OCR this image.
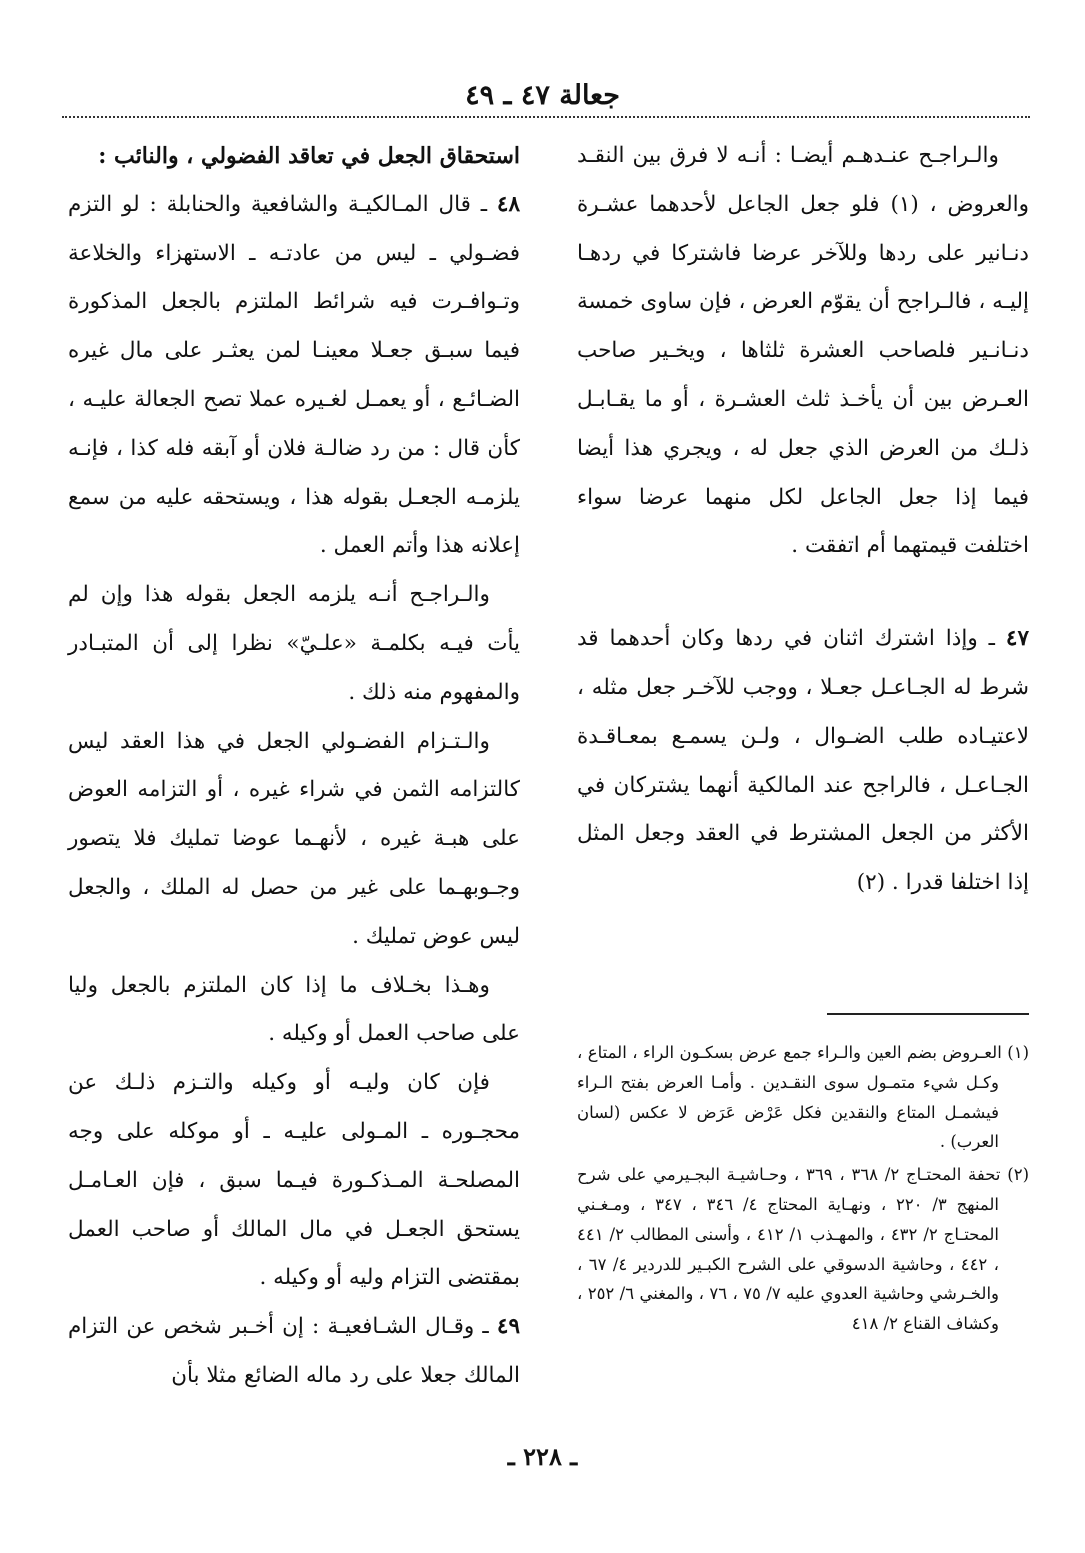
جعالة ٤٧ ـ ٤٩

والـراجـح عنـدهـم أيضـا : أنـه لا فرق بين النقـد والعروض ، (١) فلو جعل الجاعل لأحدهما عشـرة دنـانير على ردها وللآخر عرضا فاشتركا في ردهـا إليـه ، فالـراجح أن يقوّم العرض ، فإن ساوى خمسة دنـانـير فلصاحب العشرة ثلثاها ، ويخـير صاحب العـرض بين أن يأخـذ ثلث العشـرة ، أو ما يقـابـل ذلـك من العرض الذي جعل له ، ويجري هذا أيضا فيما إذا جعل الجاعل لكل منهما عرضا سواء اختلفت قيمتهما أم اتفقت .

٤٧ ـ وإذا اشترك اثنان في ردها وكان أحدهما قد شرط له الجـاعـل جعـلا ، ووجب للآخـر جعل مثله ، لاعتيـاده طلب الضـوال ، ولـن يسمـع بمعـاقـدة الجـاعـل ، فالراجح عند المالكية أنهما يشتركان في الأكثر من الجعل المشترط في العقد وجعل المثل إذا اختلفا قدرا . (٢)

استحقاق الجعل في تعاقد الفضولي ، والنائب :

٤٨ ـ قال المـالكيـة والشافعية والحنابلة : لو التزم فضـولي ـ ليس من عادتـه ـ الاستهزاء والخلاعة وتـوافـرت فيه شرائط الملتزم بالجعل المذكورة فيما سبـق جعـلا معينـا لمن يعثـر على مال غيره الضـائـع ، أو يعمـل لغـيره عملا تصح الجعالة عليـه ، كأن قال : من رد ضالـة فلان أو آبقه فله كذا ، فإنـه يلزمـه الجعـل بقوله هذا ، ويستحقه عليه من سمع إعلانه هذا وأتم العمل .

والـراجـح أنـه يلزمه الجعل بقوله هذا وإن لم يأت فيـه بكلمـة «علـيّ» نظرا إلى أن المتبـادر والمفهوم منه ذلك .

والـتـزام الفضـولي الجعل في هذا العقد ليس كالتزامه الثمن في شراء غيره ، أو التزامه العوض على هبـة غيره ، لأنهـما عوضا تمليك فلا يتصور وجـوبهـما على غير من حصل له الملك ، والجعل ليس عوض تمليك .

وهـذا بخـلاف ما إذا كان الملتزم بالجعل وليا على صاحب العمل أو وكيله .

فإن كان وليـه أو وكيله والتـزم ذلـك عن محجـوره ـ المـولى عليـه ـ أو موكله على وجه المصلحـة المـذكـورة فيـما سبق ، فإن العـامـل يستحق الجعـل في مال المالك أو صاحب العمل بمقتضى التزام وليه أو وكيله .

٤٩ ـ وقـال الشـافعيـة : إن أخـبر شخص عن التزام المالك جعلا على رد ماله الضائع مثلا بأن

(١) العـروض بضم العين والـراء جمع عرض بسكـون الراء ، المتاع ، وكـل شيء متمـول سوى النقـدين . وأمـا العرض بفتح الـراء فيشمـل المتاع والنقدين فكل عَرْض عَرَض لا عكس (لسان العرب) .

(٢) تحفة المحتـاج ٢/ ٣٦٨ ، ٣٦٩ ، وحـاشيـة البجـيرمي على شرح المنهج ٣/ ٢٢٠ ، ونهـاية المحتاج ٤/ ٣٤٦ ، ٣٤٧ ، ومـغـني المحتـاج ٢/ ٤٣٢ ، والمهـذب ١/ ٤١٢ ، وأسنى المطالب ٢/ ٤٤١ ، ٤٤٢ ، وحاشية الدسوقي على الشرح الكبـير للدردير ٤/ ٦٧ ، والخـرشي وحاشية العدوي عليه ٧/ ٧٥ ، ٧٦ ، والمغني ٦/ ٢٥٢ ، وكشاف القناع ٢/ ٤١٨

ـ ٢٢٨ ـ
